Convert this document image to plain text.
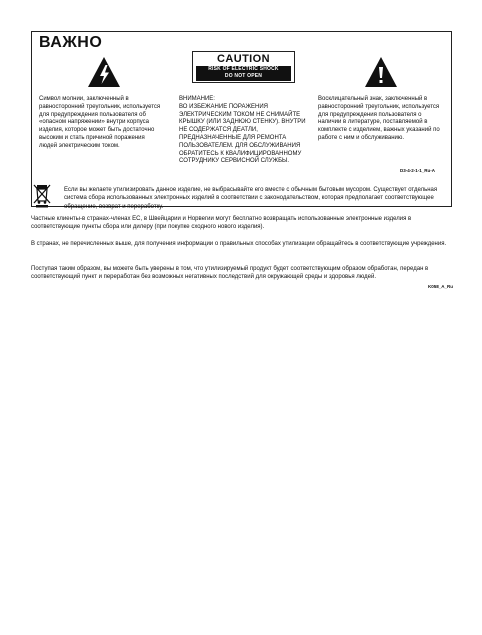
ВАЖНО
CAUTION
RISK OF ELECTRIC SHOCK
DO NOT OPEN
Символ молнии, заключенный в равносторонний треугольник, используется для предупреждения пользователя об «опасном напряжении» внутри корпуса изделия, которое может быть достаточно высоким и стать причиной поражения людей электрическим током.
ВНИМАНИЕ:
ВО ИЗБЕЖАНИЕ ПОРАЖЕНИЯ ЭЛЕКТРИЧЕСКИМ ТОКОМ НЕ СНИМАЙТЕ КРЫШКУ (ИЛИ ЗАДНЮЮ СТЕНКУ). ВНУТРИ НЕ СОДЕРЖАТСЯ ДЕАТЛИ, ПРЕДНАЗНАЧЕННЫЕ ДЛЯ РЕМОНТА ПОЛЬЗОВАТЕЛЕМ. ДЛЯ ОБСЛУЖИВАНИЯ ОБРАТИТЕСЬ К КВАЛИФИЦИРОВАННОМУ СОТРУДНИКУ СЕРВИСНОЙ СЛУЖБЫ.
Восклицательный знак, заключенный в равносторонний треугольник, используется для предупреждения пользователя о наличии в литературе, поставляемой в комплекте с изделием, важных указаний по работе с ним и обслуживанию.
D3-4-2-1-1_Ru-A
Если вы желаете утилизировать данное изделие, не выбрасывайте его вместе с обычным бытовым мусором. Существует отдельная система сбора использованных электронных изделий в соответствии с законодательством, которая предполагает соответствующее обращение, возврат и переработку.
Частные клиенты-в странах-членах ЕС, в Швейцарии и Норвегии могут бесплатно возвращать использованные электронные изделия в соответствующие пункты сбора или дилеру (при покупке сходного нового изделия).
В странах, не перечисленных выше, для получения информации о правильных способах утилизации обращайтесь в соответствующие учреждения.
Поступая таким образом, вы можете быть уверены в том, что утилизируемый продукт будет соответствующим образом обработан, передан в соответствующий пункт и переработан без возможных негативных последствий для окружающей среды и здоровья людей.
K058_A_Ru
